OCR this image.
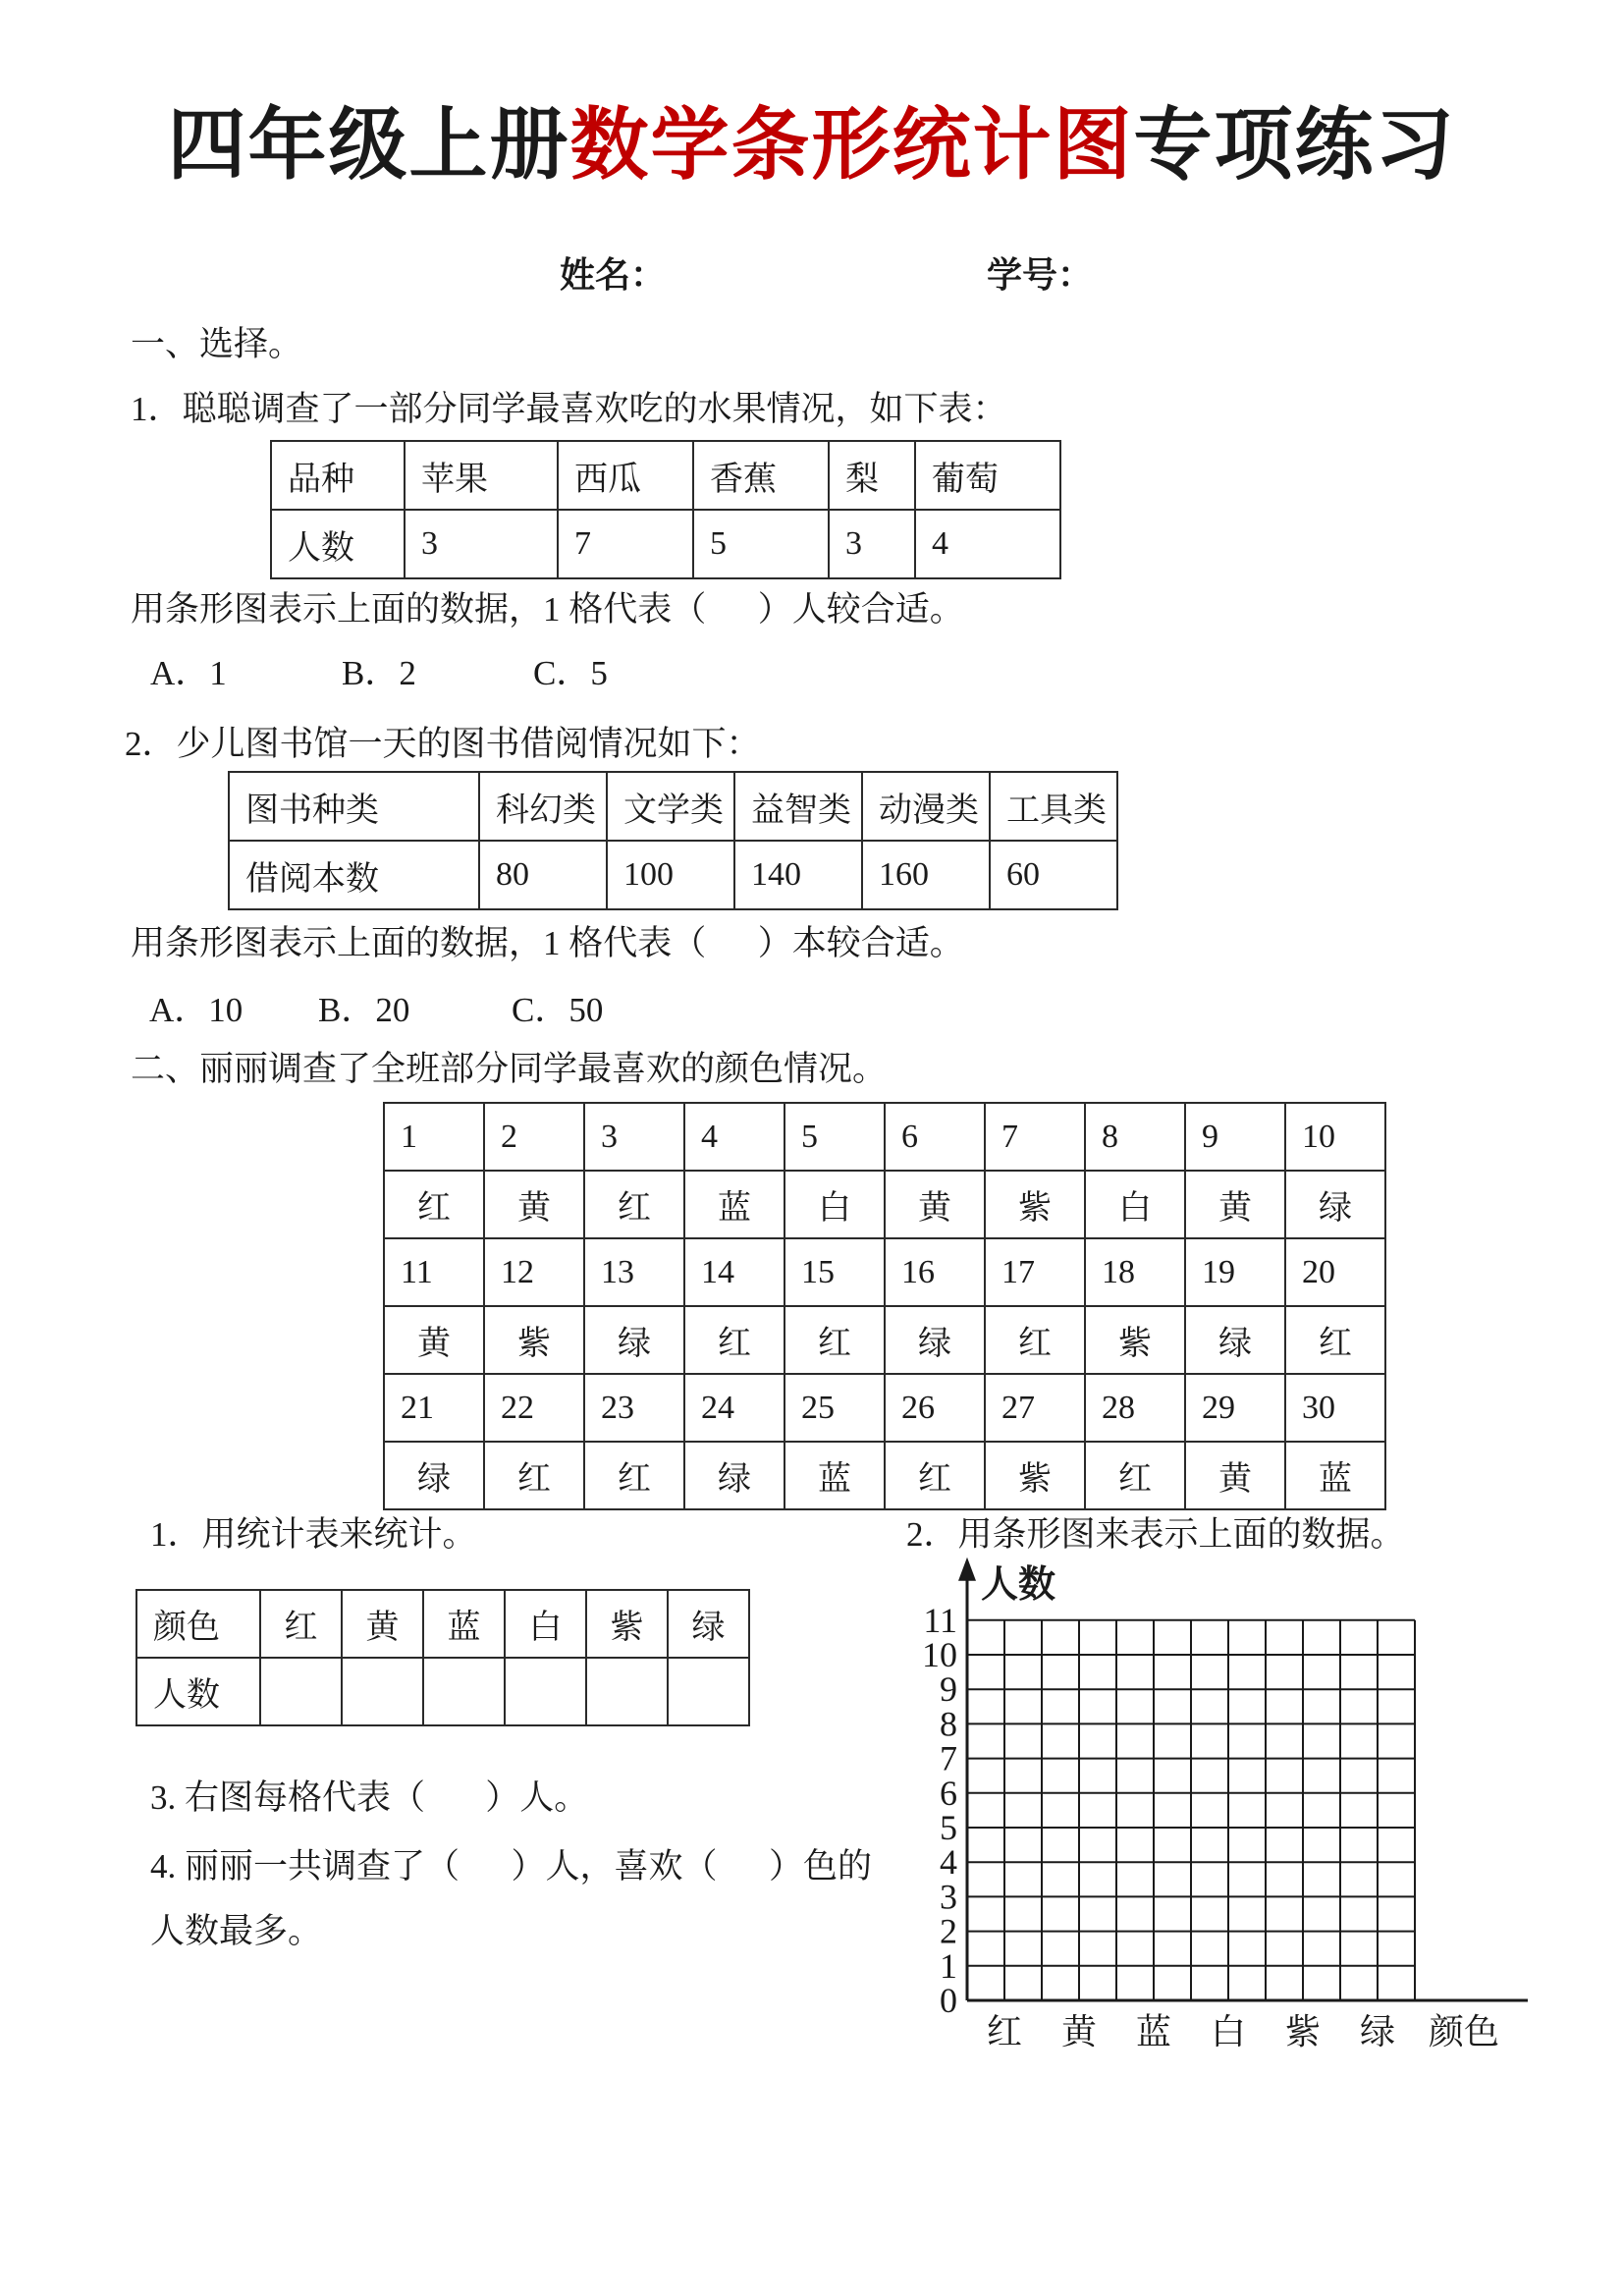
四年级上册数学条形统计图专项练习
姓名：	学号：
一、选择。
1．聪聪调查了一部分同学最喜欢吃的水果情况，如下表：
品种	苹果	西瓜	香蕉	梨	葡萄
人数	3	7	5	3	4
用条形图表示上面的数据，1 格代表（      ）人较合适。
A．1	B．2	C．5
2．少儿图书馆一天的图书借阅情况如下：
图书种类	科幻类	文学类	益智类	动漫类	工具类
借阅本数	80	100	140	160	60
用条形图表示上面的数据，1 格代表（      ）本较合适。
A．10 B．20	C．50
二、丽丽调查了全班部分同学最喜欢的颜色情况。
1	2	3	4	5	6	7	8	9	10
红	黄	红	蓝	白	黄	紫	白	黄	绿
11	12	13	14	15	16	17	18	19	20
黄	紫	绿	红	红	绿	红	紫	绿	红
21	22	23	24	25	26	27	28	29	30
绿	红	红	绿	蓝	红	紫	红	黄	蓝
1．用统计表来统计。	2．用条形图来表示上面的数据。
颜色	红	黄	蓝	白	紫	绿
人数						
3. 右图每格代表（       ）人。
4. 丽丽一共调查了（      ）人，喜欢（      ）色的
人数最多。
人数
0
1
2
3
4
5
6
7
8
9
10
11
红 黄 蓝 白 紫 绿 颜色
